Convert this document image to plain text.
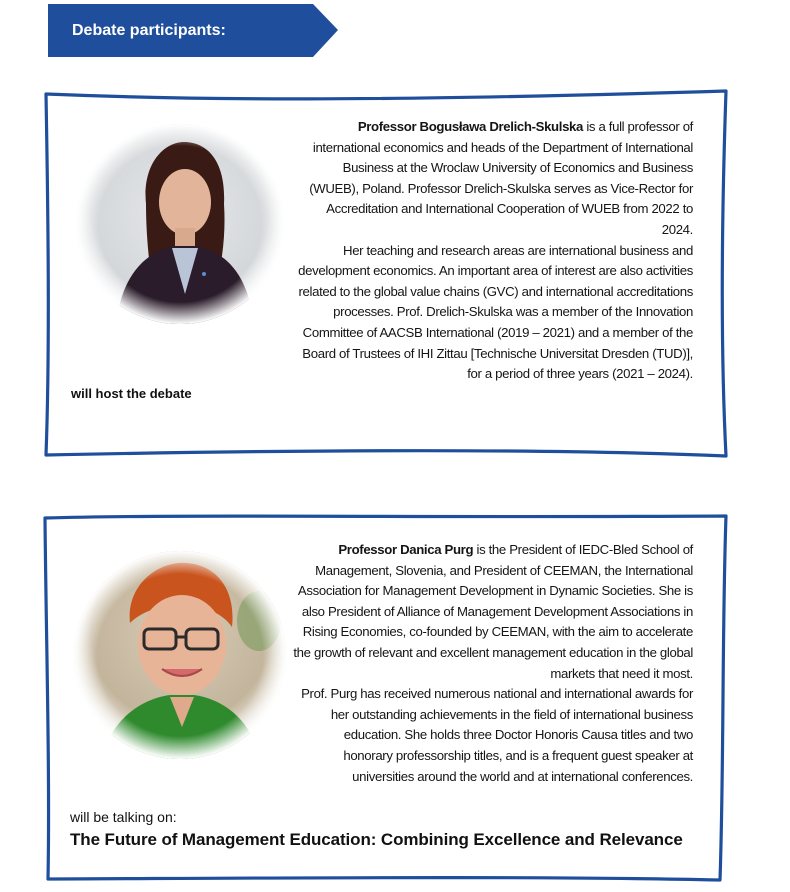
Debate participants:

Professor Bogusława Drelich-Skulska is a full professor of international economics and heads of the Department of International Business at the Wroclaw University of Economics and Business (WUEB), Poland. Professor Drelich-Skulska serves as Vice-Rector for Accreditation and International Cooperation of WUEB from 2022 to 2024.

Her teaching and research areas are international business and development economics. An important area of interest are also activities related to the global value chains (GVC) and international accreditations processes. Prof. Drelich-Skulska was a member of the Innovation Committee of AACSB International (2019 – 2021) and a member of the Board of Trustees of IHI Zittau [Technische Universitat Dresden (TUD)], for a period of three years (2021 – 2024).

will host the debate

Professor Danica Purg is the President of IEDC-Bled School of Management, Slovenia, and President of CEEMAN, the International Association for Management Development in Dynamic Societies. She is also President of Alliance of Management Development Associations in Rising Economies, co-founded by CEEMAN, with the aim to accelerate the growth of relevant and excellent management education in the global markets that need it most.

Prof. Purg has received numerous national and international awards for her outstanding achievements in the field of international business education. She holds three Doctor Honoris Causa titles and two honorary professorship titles, and is a frequent guest speaker at universities around the world and at international conferences.

will be talking on:
The Future of Management Education: Combining Excellence and Relevance
